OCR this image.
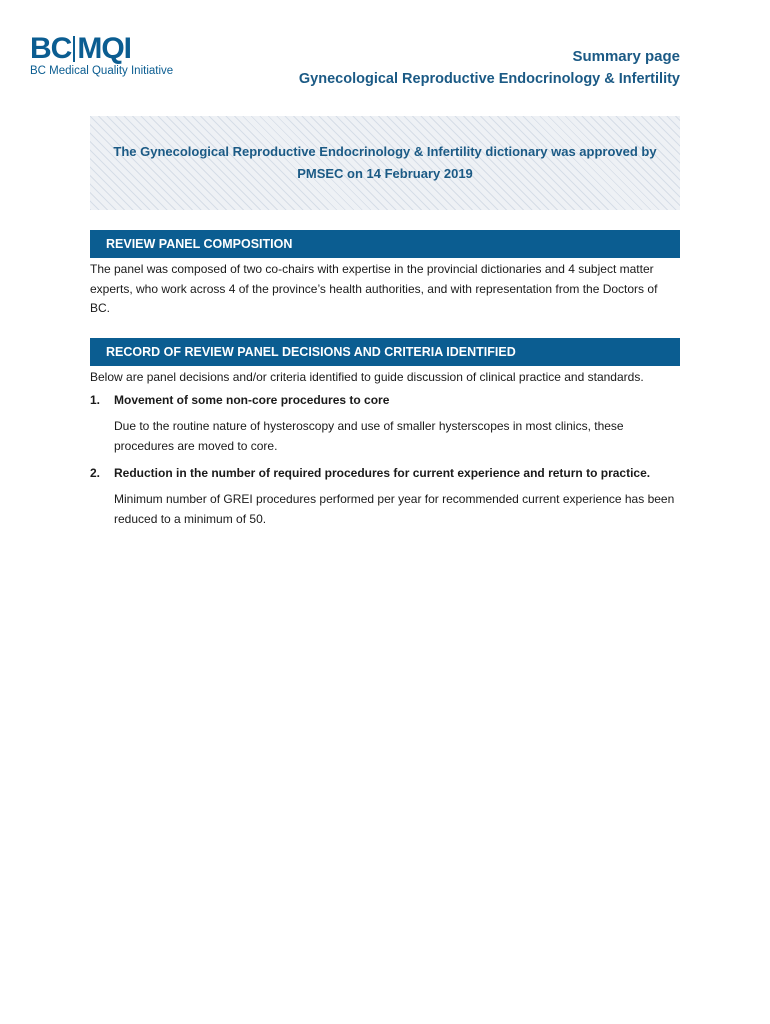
BC MQI
BC Medical Quality Initiative
Summary page
Gynecological Reproductive Endocrinology & Infertility
The Gynecological Reproductive Endocrinology & Infertility dictionary was approved by
PMSEC on 14 February 2019
REVIEW PANEL COMPOSITION
The panel was composed of two co-chairs with expertise in the provincial dictionaries and 4 subject matter experts, who work across 4 of the province’s health authorities, and with representation from the Doctors of BC.
RECORD OF REVIEW PANEL DECISIONS AND CRITERIA IDENTIFIED
Below are panel decisions and/or criteria identified to guide discussion of clinical practice and standards.
1. Movement of some non-core procedures to core
Due to the routine nature of hysteroscopy and use of smaller hysterscopes in most clinics, these procedures are moved to core.
2. Reduction in the number of required procedures for current experience and return to practice.
Minimum number of GREI procedures performed per year for recommended current experience has been reduced to a minimum of 50.
